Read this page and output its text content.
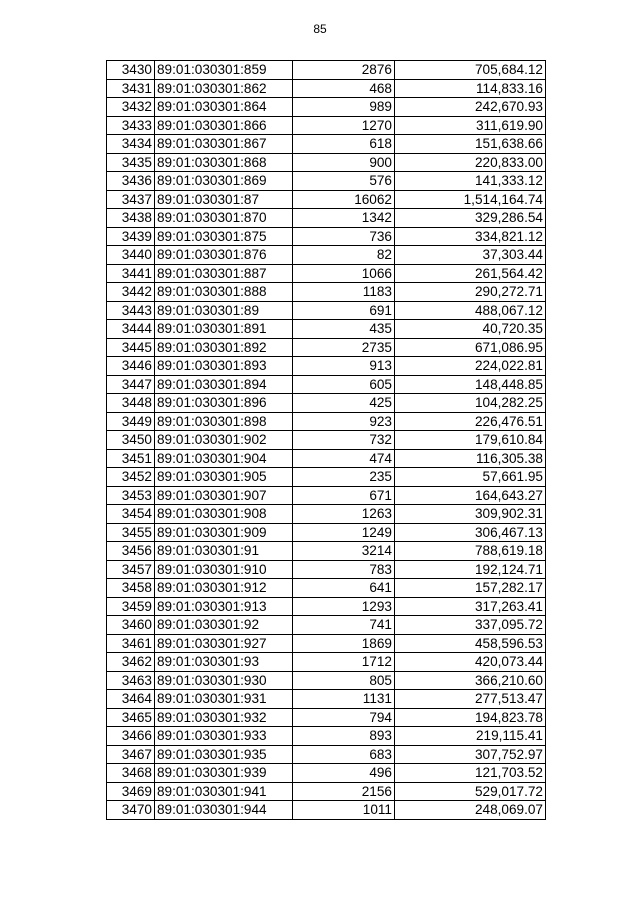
85
3430	89:01:030301:859	2876	705,684.12
3431	89:01:030301:862	468	114,833.16
3432	89:01:030301:864	989	242,670.93
3433	89:01:030301:866	1270	311,619.90
3434	89:01:030301:867	618	151,638.66
3435	89:01:030301:868	900	220,833.00
3436	89:01:030301:869	576	141,333.12
3437	89:01:030301:87	16062	1,514,164.74
3438	89:01:030301:870	1342	329,286.54
3439	89:01:030301:875	736	334,821.12
3440	89:01:030301:876	82	37,303.44
3441	89:01:030301:887	1066	261,564.42
3442	89:01:030301:888	1183	290,272.71
3443	89:01:030301:89	691	488,067.12
3444	89:01:030301:891	435	40,720.35
3445	89:01:030301:892	2735	671,086.95
3446	89:01:030301:893	913	224,022.81
3447	89:01:030301:894	605	148,448.85
3448	89:01:030301:896	425	104,282.25
3449	89:01:030301:898	923	226,476.51
3450	89:01:030301:902	732	179,610.84
3451	89:01:030301:904	474	116,305.38
3452	89:01:030301:905	235	57,661.95
3453	89:01:030301:907	671	164,643.27
3454	89:01:030301:908	1263	309,902.31
3455	89:01:030301:909	1249	306,467.13
3456	89:01:030301:91	3214	788,619.18
3457	89:01:030301:910	783	192,124.71
3458	89:01:030301:912	641	157,282.17
3459	89:01:030301:913	1293	317,263.41
3460	89:01:030301:92	741	337,095.72
3461	89:01:030301:927	1869	458,596.53
3462	89:01:030301:93	1712	420,073.44
3463	89:01:030301:930	805	366,210.60
3464	89:01:030301:931	1131	277,513.47
3465	89:01:030301:932	794	194,823.78
3466	89:01:030301:933	893	219,115.41
3467	89:01:030301:935	683	307,752.97
3468	89:01:030301:939	496	121,703.52
3469	89:01:030301:941	2156	529,017.72
3470	89:01:030301:944	1011	248,069.07
